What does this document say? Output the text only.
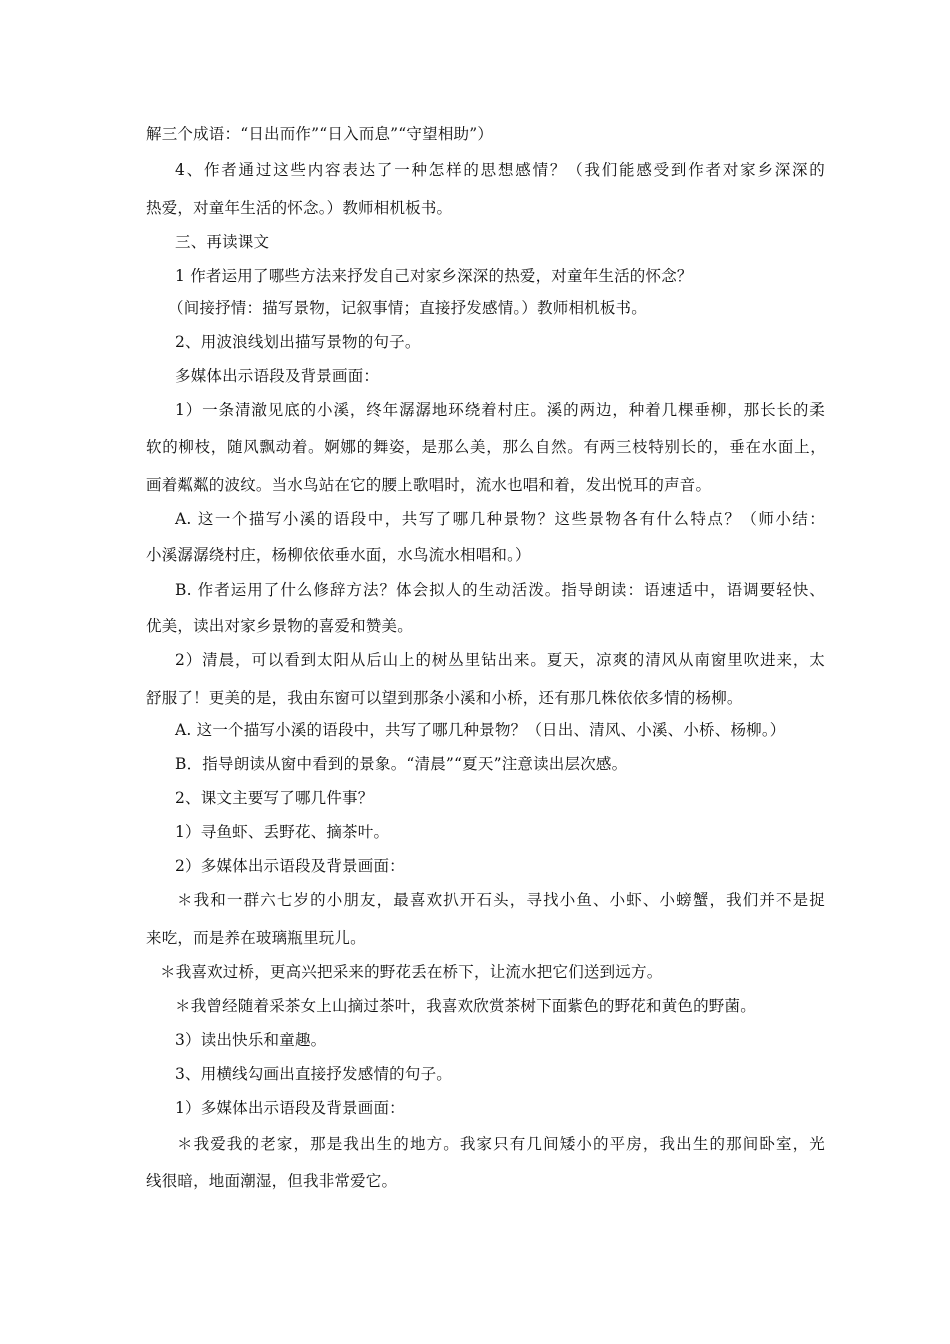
解三个成语：“日出而作”“日入而息”“守望相助”）
4、作者通过这些内容表达了一种怎样的思想感情？（我们能感受到作者对家乡深深的
热爱，对童年生活的怀念。）教师相机板书。
三、再读课文
1 作者运用了哪些方法来抒发自己对家乡深深的热爱，对童年生活的怀念？
（间接抒情：描写景物，记叙事情；直接抒发感情。）教师相机板书。
2、用波浪线划出描写景物的句子。
多媒体出示语段及背景画面：
1）一条清澈见底的小溪，终年潺潺地环绕着村庄。溪的两边，种着几棵垂柳，那长长的柔
软的柳枝，随风飘动着。婀娜的舞姿，是那么美，那么自然。有两三枝特别长的，垂在水面上，
画着粼粼的波纹。当水鸟站在它的腰上歌唱时，流水也唱和着，发出悦耳的声音。
A. 这一个描写小溪的语段中，共写了哪几种景物？这些景物各有什么特点？（师小结：
小溪潺潺绕村庄，杨柳依依垂水面，水鸟流水相唱和。）
B. 作者运用了什么修辞方法？体会拟人的生动活泼。指导朗读：语速适中，语调要轻快、
优美，读出对家乡景物的喜爱和赞美。
2）清晨，可以看到太阳从后山上的树丛里钻出来。夏天，凉爽的清风从南窗里吹进来，太
舒服了！更美的是，我由东窗可以望到那条小溪和小桥，还有那几株依依多情的杨柳。
A. 这一个描写小溪的语段中，共写了哪几种景物？（日出、清风、小溪、小桥、杨柳。）
B．指导朗读从窗中看到的景象。“清晨”“夏天”注意读出层次感。
2、课文主要写了哪几件事？
1）寻鱼虾、丢野花、摘茶叶。
2）多媒体出示语段及背景画面：
＊我和一群六七岁的小朋友，最喜欢扒开石头，寻找小鱼、小虾、小螃蟹，我们并不是捉
来吃，而是养在玻璃瓶里玩儿。
＊我喜欢过桥，更高兴把采来的野花丢在桥下，让流水把它们送到远方。
＊我曾经随着采茶女上山摘过茶叶，我喜欢欣赏茶树下面紫色的野花和黄色的野菌。
3）读出快乐和童趣。
3、用横线勾画出直接抒发感情的句子。
1）多媒体出示语段及背景画面：
＊我爱我的老家，那是我出生的地方。我家只有几间矮小的平房，我出生的那间卧室，光
线很暗，地面潮湿，但我非常爱它。
